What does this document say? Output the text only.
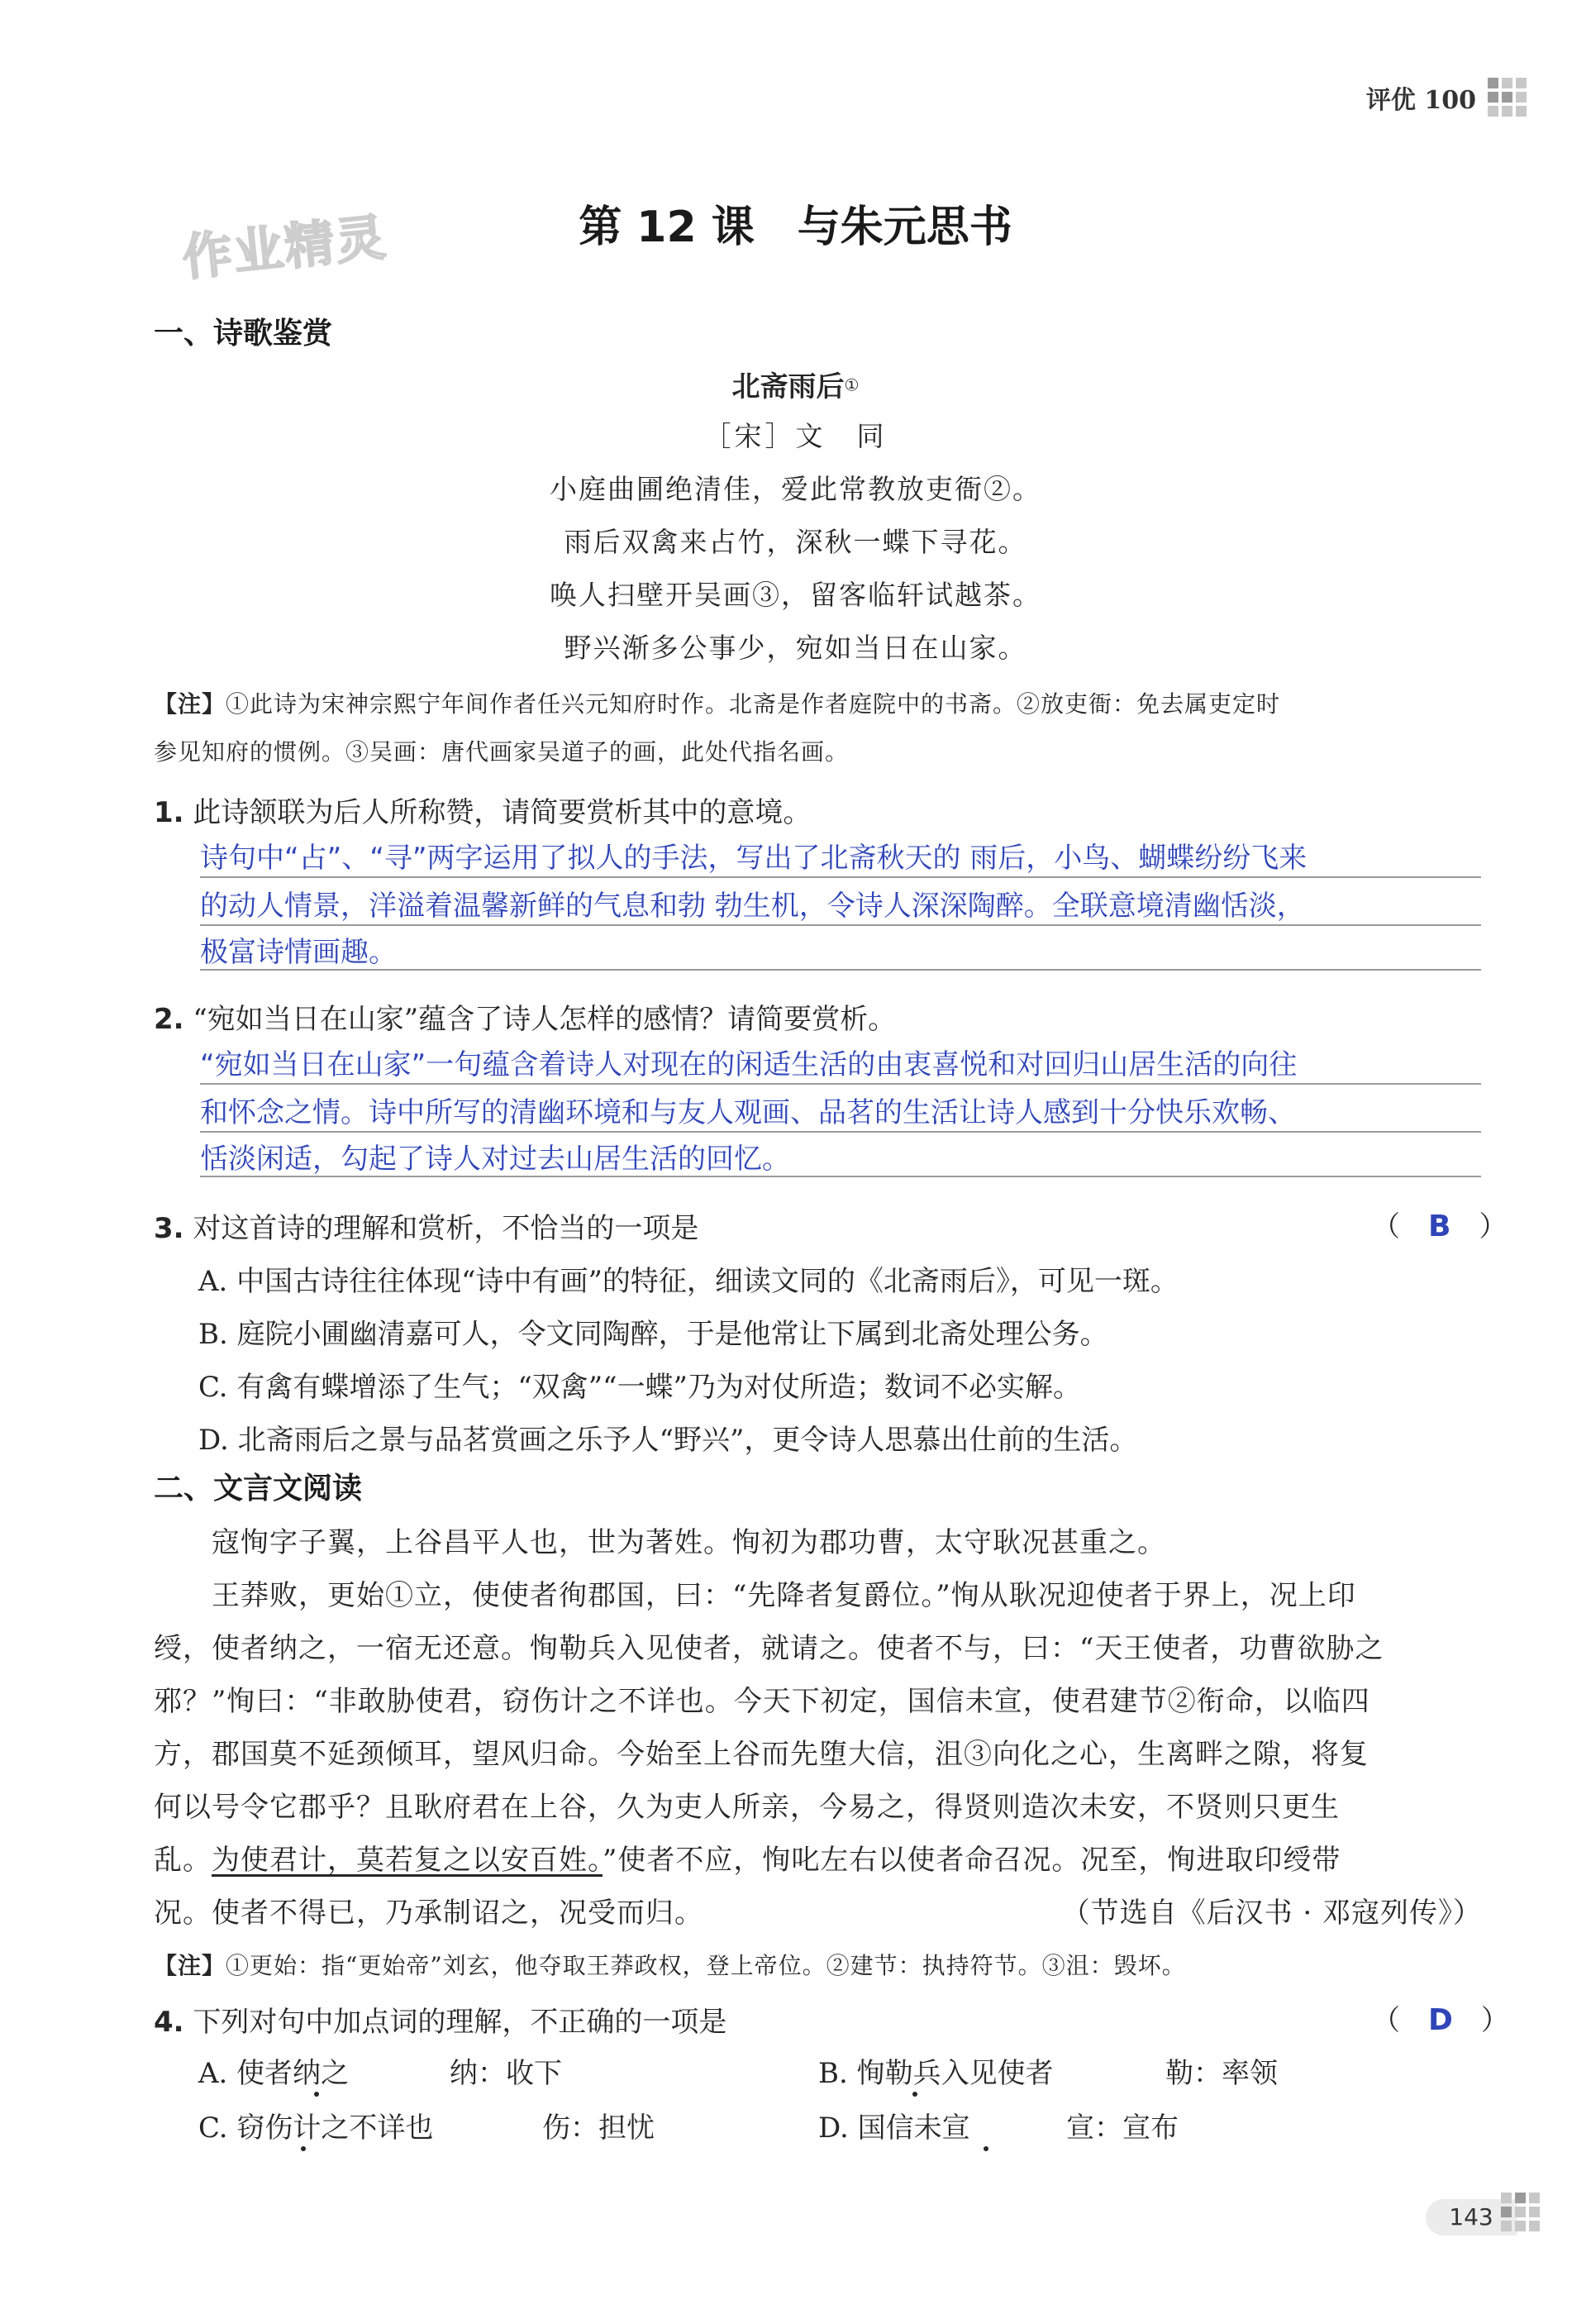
评优 100
作业精灵	第 12 课　与朱元思书
一、诗歌鉴赏
北斋雨后①
［宋］文　同
小庭曲圃绝清佳，爱此常教放吏衙②。
雨后双禽来占竹，深秋一蝶下寻花。
唤人扫壁开吴画③，留客临轩试越茶。
野兴渐多公事少，宛如当日在山家。
【注】①此诗为宋神宗熙宁年间作者任兴元知府时作。北斋是作者庭院中的书斋。②放吏衙：免去属吏定时
参见知府的惯例。③吴画：唐代画家吴道子的画，此处代指名画。
1. 此诗颔联为后人所称赞，请简要赏析其中的意境。
诗句中“占”、“寻”两字运用了拟人的手法，写出了北斋秋天的 雨后，小鸟、蝴蝶纷纷飞来
的动人情景，洋溢着温馨新鲜的气息和勃 勃生机，令诗人深深陶醉。全联意境清幽恬淡，
极富诗情画趣。
2. “宛如当日在山家”蕴含了诗人怎样的感情？请简要赏析。
“宛如当日在山家”一句蕴含着诗人对现在的闲适生活的由衷喜悦和对回归山居生活的向往
和怀念之情。诗中所写的清幽环境和与友人观画、品茗的生活让诗人感到十分快乐欢畅、
恬淡闲适，勾起了诗人对过去山居生活的回忆。
3. 对这首诗的理解和赏析，不恰当的一项是	（　B　）
A. 中国古诗往往体现“诗中有画”的特征，细读文同的《北斋雨后》，可见一斑。
B. 庭院小圃幽清嘉可人，令文同陶醉，于是他常让下属到北斋处理公务。
C. 有禽有蝶增添了生气；“双禽”“一蝶”乃为对仗所造；数词不必实解。
D. 北斋雨后之景与品茗赏画之乐予人“野兴”，更令诗人思慕出仕前的生活。
二、文言文阅读
寇恂字子翼，上谷昌平人也，世为著姓。恂初为郡功曹，太守耿况甚重之。
王莽败，更始①立，使使者徇郡国，曰：“先降者复爵位。”恂从耿况迎使者于界上，况上印
绶，使者纳之，一宿无还意。恂勒兵入见使者，就请之。使者不与，曰：“天王使者，功曹欲胁之
邪？”恂曰：“非敢胁使君，窃伤计之不详也。今天下初定，国信未宣，使君建节②衔命，以临四
方，郡国莫不延颈倾耳，望风归命。今始至上谷而先堕大信，沮③向化之心，生离畔之隙，将复
何以号令它郡乎？且耿府君在上谷，久为吏人所亲，今易之，得贤则造次未安，不贤则只更生
乱。为使君计，莫若复之以安百姓。”使者不应，恂叱左右以使者命召况。况至，恂进取印绶带
况。使者不得已，乃承制诏之，况受而归。	（节选自《后汉书 · 邓寇列传》）
【注】①更始：指“更始帝”刘玄，他夺取王莽政权，登上帝位。②建节：执持符节。③沮：毁坏。
4. 下列对句中加点词的理解，不正确的一项是	（　D　）
A. 使者纳之	纳：收下	B. 恂勒兵入见使者	勒：率领
C. 窃伤计之不详也	伤：担忧	D. 国信未宣	宣：宣布
143
